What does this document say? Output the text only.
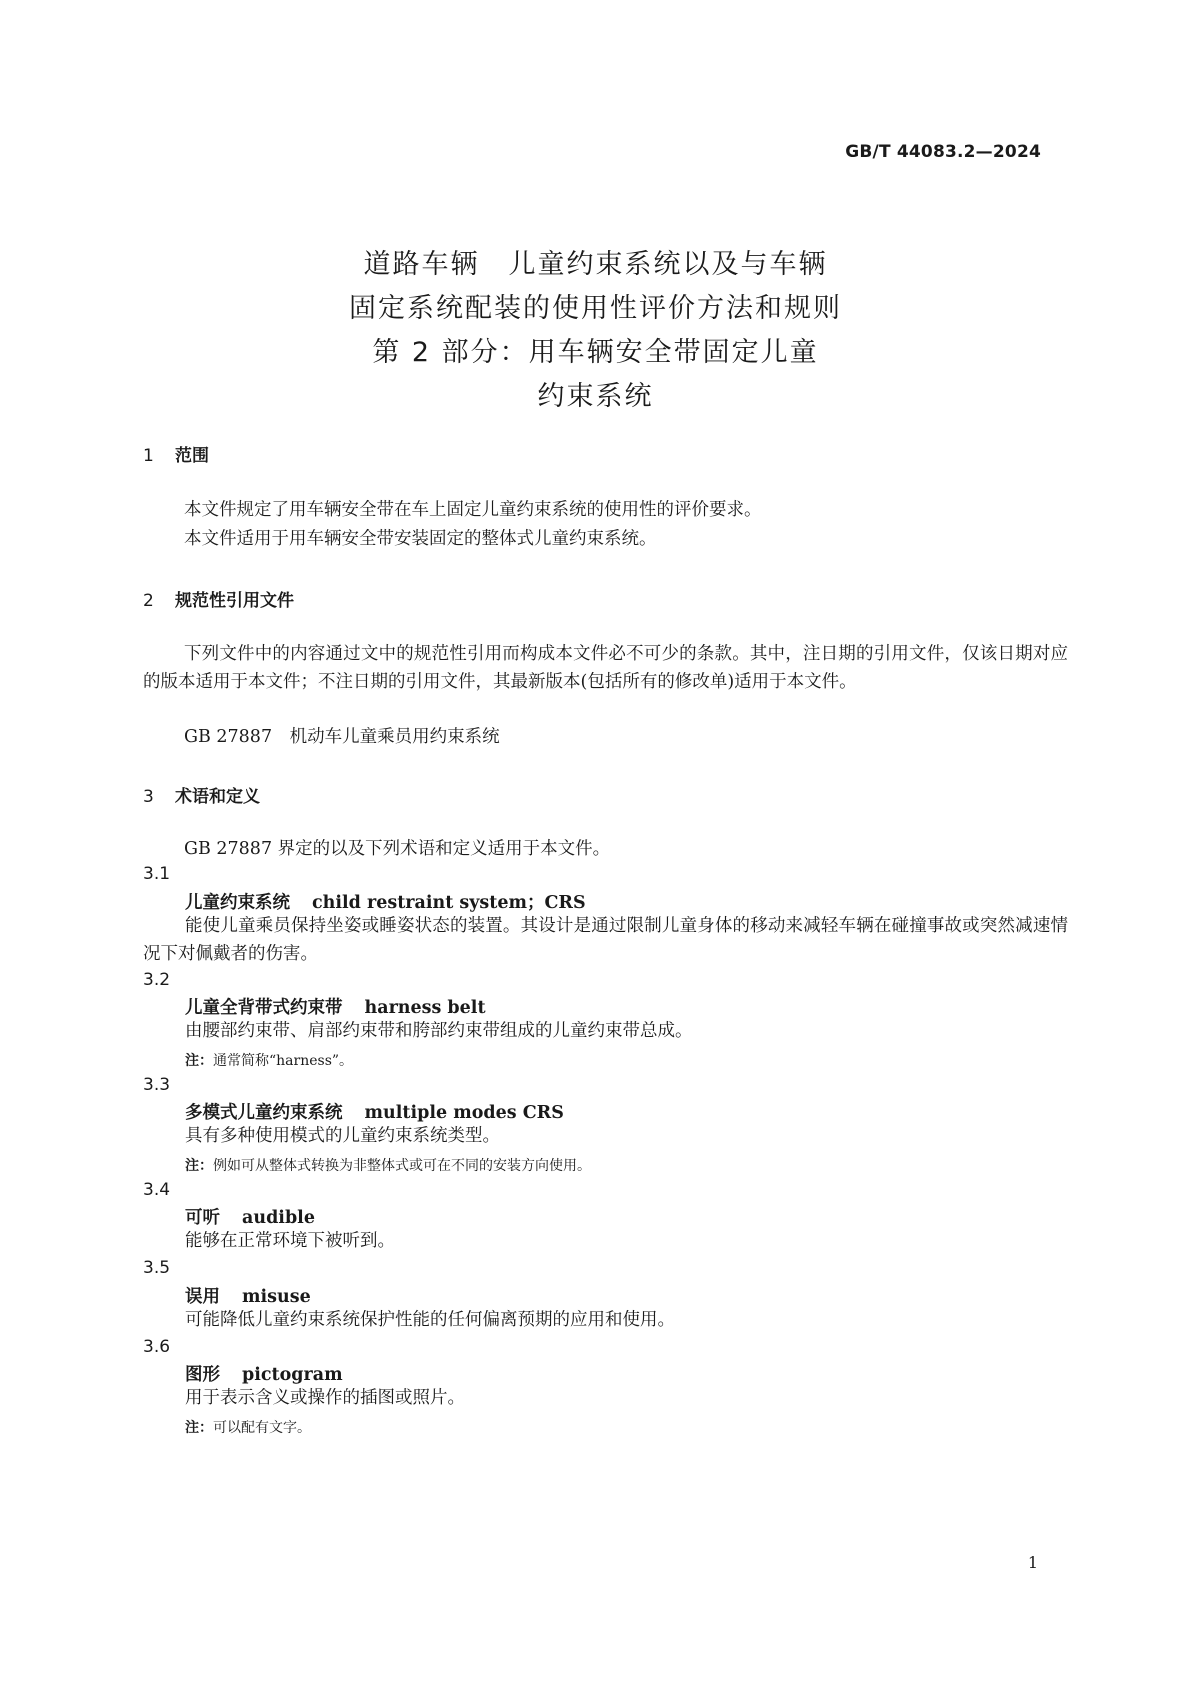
GB/T 44083.2—2024
道路车辆　儿童约束系统以及与车辆
固定系统配装的使用性评价方法和规则
第 2 部分：用车辆安全带固定儿童
约束系统
1 范围
本文件规定了用车辆安全带在车上固定儿童约束系统的使用性的评价要求。
本文件适用于用车辆安全带安装固定的整体式儿童约束系统。
2 规范性引用文件
下列文件中的内容通过文中的规范性引用而构成本文件必不可少的条款。其中，注日期的引用文件，仅该日期对应的版本适用于本文件；不注日期的引用文件，其最新版本(包括所有的修改单)适用于本文件。
GB 27887　机动车儿童乘员用约束系统
3 术语和定义
GB 27887 界定的以及下列术语和定义适用于本文件。
3.1
儿童约束系统 child restraint system；CRS
能使儿童乘员保持坐姿或睡姿状态的装置。其设计是通过限制儿童身体的移动来减轻车辆在碰撞事故或突然减速情况下对佩戴者的伤害。
3.2
儿童全背带式约束带 harness belt
由腰部约束带、肩部约束带和胯部约束带组成的儿童约束带总成。
注：通常简称“harness”。
3.3
多模式儿童约束系统 multiple modes CRS
具有多种使用模式的儿童约束系统类型。
注：例如可从整体式转换为非整体式或可在不同的安装方向使用。
3.4
可听 audible
能够在正常环境下被听到。
3.5
误用 misuse
可能降低儿童约束系统保护性能的任何偏离预期的应用和使用。
3.6
图形 pictogram
用于表示含义或操作的插图或照片。
注：可以配有文字。
1
